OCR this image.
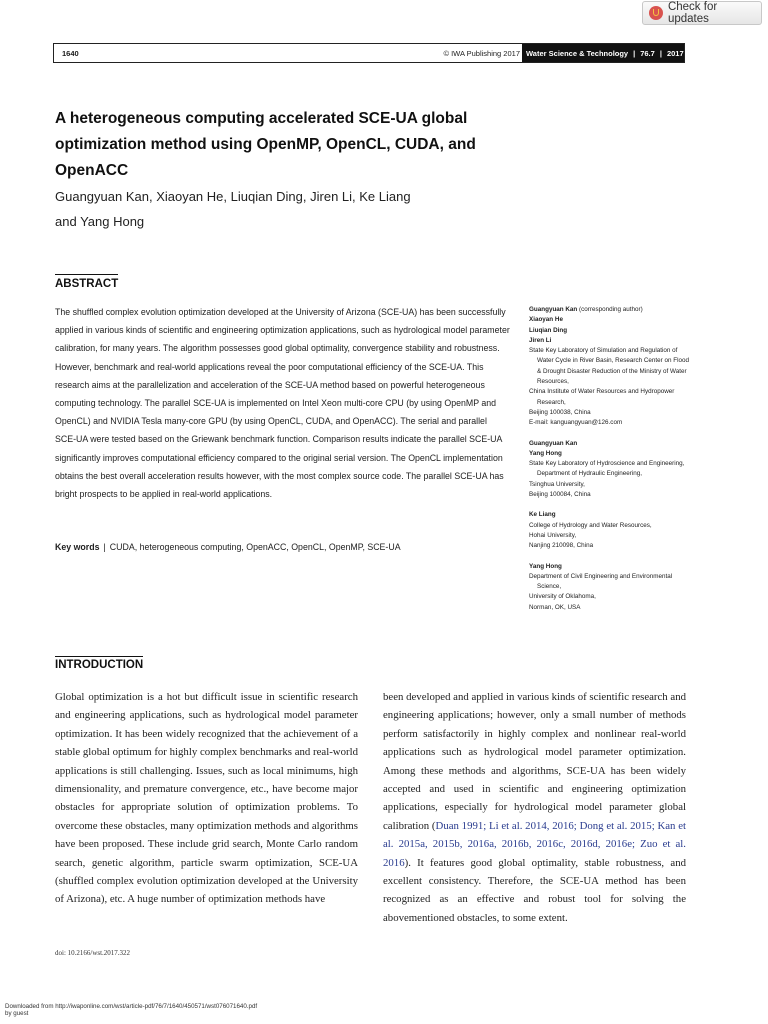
Check for updates
1640	© IWA Publishing 2017 Water Science & Technology | 76.7 | 2017
A heterogeneous computing accelerated SCE-UA global optimization method using OpenMP, OpenCL, CUDA, and OpenACC
Guangyuan Kan, Xiaoyan He, Liuqian Ding, Jiren Li, Ke Liang
and Yang Hong
ABSTRACT
The shuffled complex evolution optimization developed at the University of Arizona (SCE-UA) has been successfully applied in various kinds of scientific and engineering optimization applications, such as hydrological model parameter calibration, for many years. The algorithm possesses good global optimality, convergence stability and robustness. However, benchmark and real-world applications reveal the poor computational efficiency of the SCE-UA. This research aims at the parallelization and acceleration of the SCE-UA method based on powerful heterogeneous computing technology. The parallel SCE-UA is implemented on Intel Xeon multi-core CPU (by using OpenMP and OpenCL) and NVIDIA Tesla many-core GPU (by using OpenCL, CUDA, and OpenACC). The serial and parallel SCE-UA were tested based on the Griewank benchmark function. Comparison results indicate the parallel SCE-UA significantly improves computational efficiency compared to the original serial version. The OpenCL implementation obtains the best overall acceleration results however, with the most complex source code. The parallel SCE-UA has bright prospects to be applied in real-world applications.
Key words | CUDA, heterogeneous computing, OpenACC, OpenCL, OpenMP, SCE-UA
Guangyuan Kan (corresponding author)
Xiaoyan He
Liuqian Ding
Jiren Li
State Key Laboratory of Simulation and Regulation of Water Cycle in River Basin, Research Center on Flood & Drought Disaster Reduction of the Ministry of Water Resources,
China Institute of Water Resources and Hydropower Research,
Beijing 100038, China
E-mail: kanguangyuan@126.com
Guangyuan Kan
Yang Hong
State Key Laboratory of Hydroscience and Engineering, Department of Hydraulic Engineering,
Tsinghua University,
Beijing 100084, China
Ke Liang
College of Hydrology and Water Resources,
Hohai University,
Nanjing 210098, China
Yang Hong
Department of Civil Engineering and Environmental Science,
University of Oklahoma,
Norman, OK, USA
INTRODUCTION
Global optimization is a hot but difficult issue in scientific research and engineering applications, such as hydrological model parameter optimization. It has been widely recognized that the achievement of a stable global optimum for highly complex benchmarks and real-world applications is still challenging. Issues, such as local minimums, high dimensionality, and premature convergence, etc., have become major obstacles for appropriate solution of optimization problems. To overcome these obstacles, many optimization methods and algorithms have been proposed. These include grid search, Monte Carlo random search, genetic algorithm, particle swarm optimization, SCE-UA (shuffled complex evolution optimization developed at the University of Arizona), etc. A huge number of optimization methods have
been developed and applied in various kinds of scientific research and engineering applications; however, only a small number of methods perform satisfactorily in highly complex and nonlinear real-world applications such as hydrological model parameter optimization. Among these methods and algorithms, SCE-UA has been widely accepted and used in scientific and engineering optimization applications, especially for hydrological model parameter global calibration (Duan 1991; Li et al. 2014, 2016; Dong et al. 2015; Kan et al. 2015a, 2015b, 2016a, 2016b, 2016c, 2016d, 2016e; Zuo et al. 2016). It features good global optimality, stable robustness, and excellent consistency. Therefore, the SCE-UA method has been recognized as an effective and robust tool for solving the abovementioned obstacles, to some extent.
doi: 10.2166/wst.2017.322
Downloaded from http://iwaponline.com/wst/article-pdf/76/7/1640/450571/wst076071640.pdf
by guest
